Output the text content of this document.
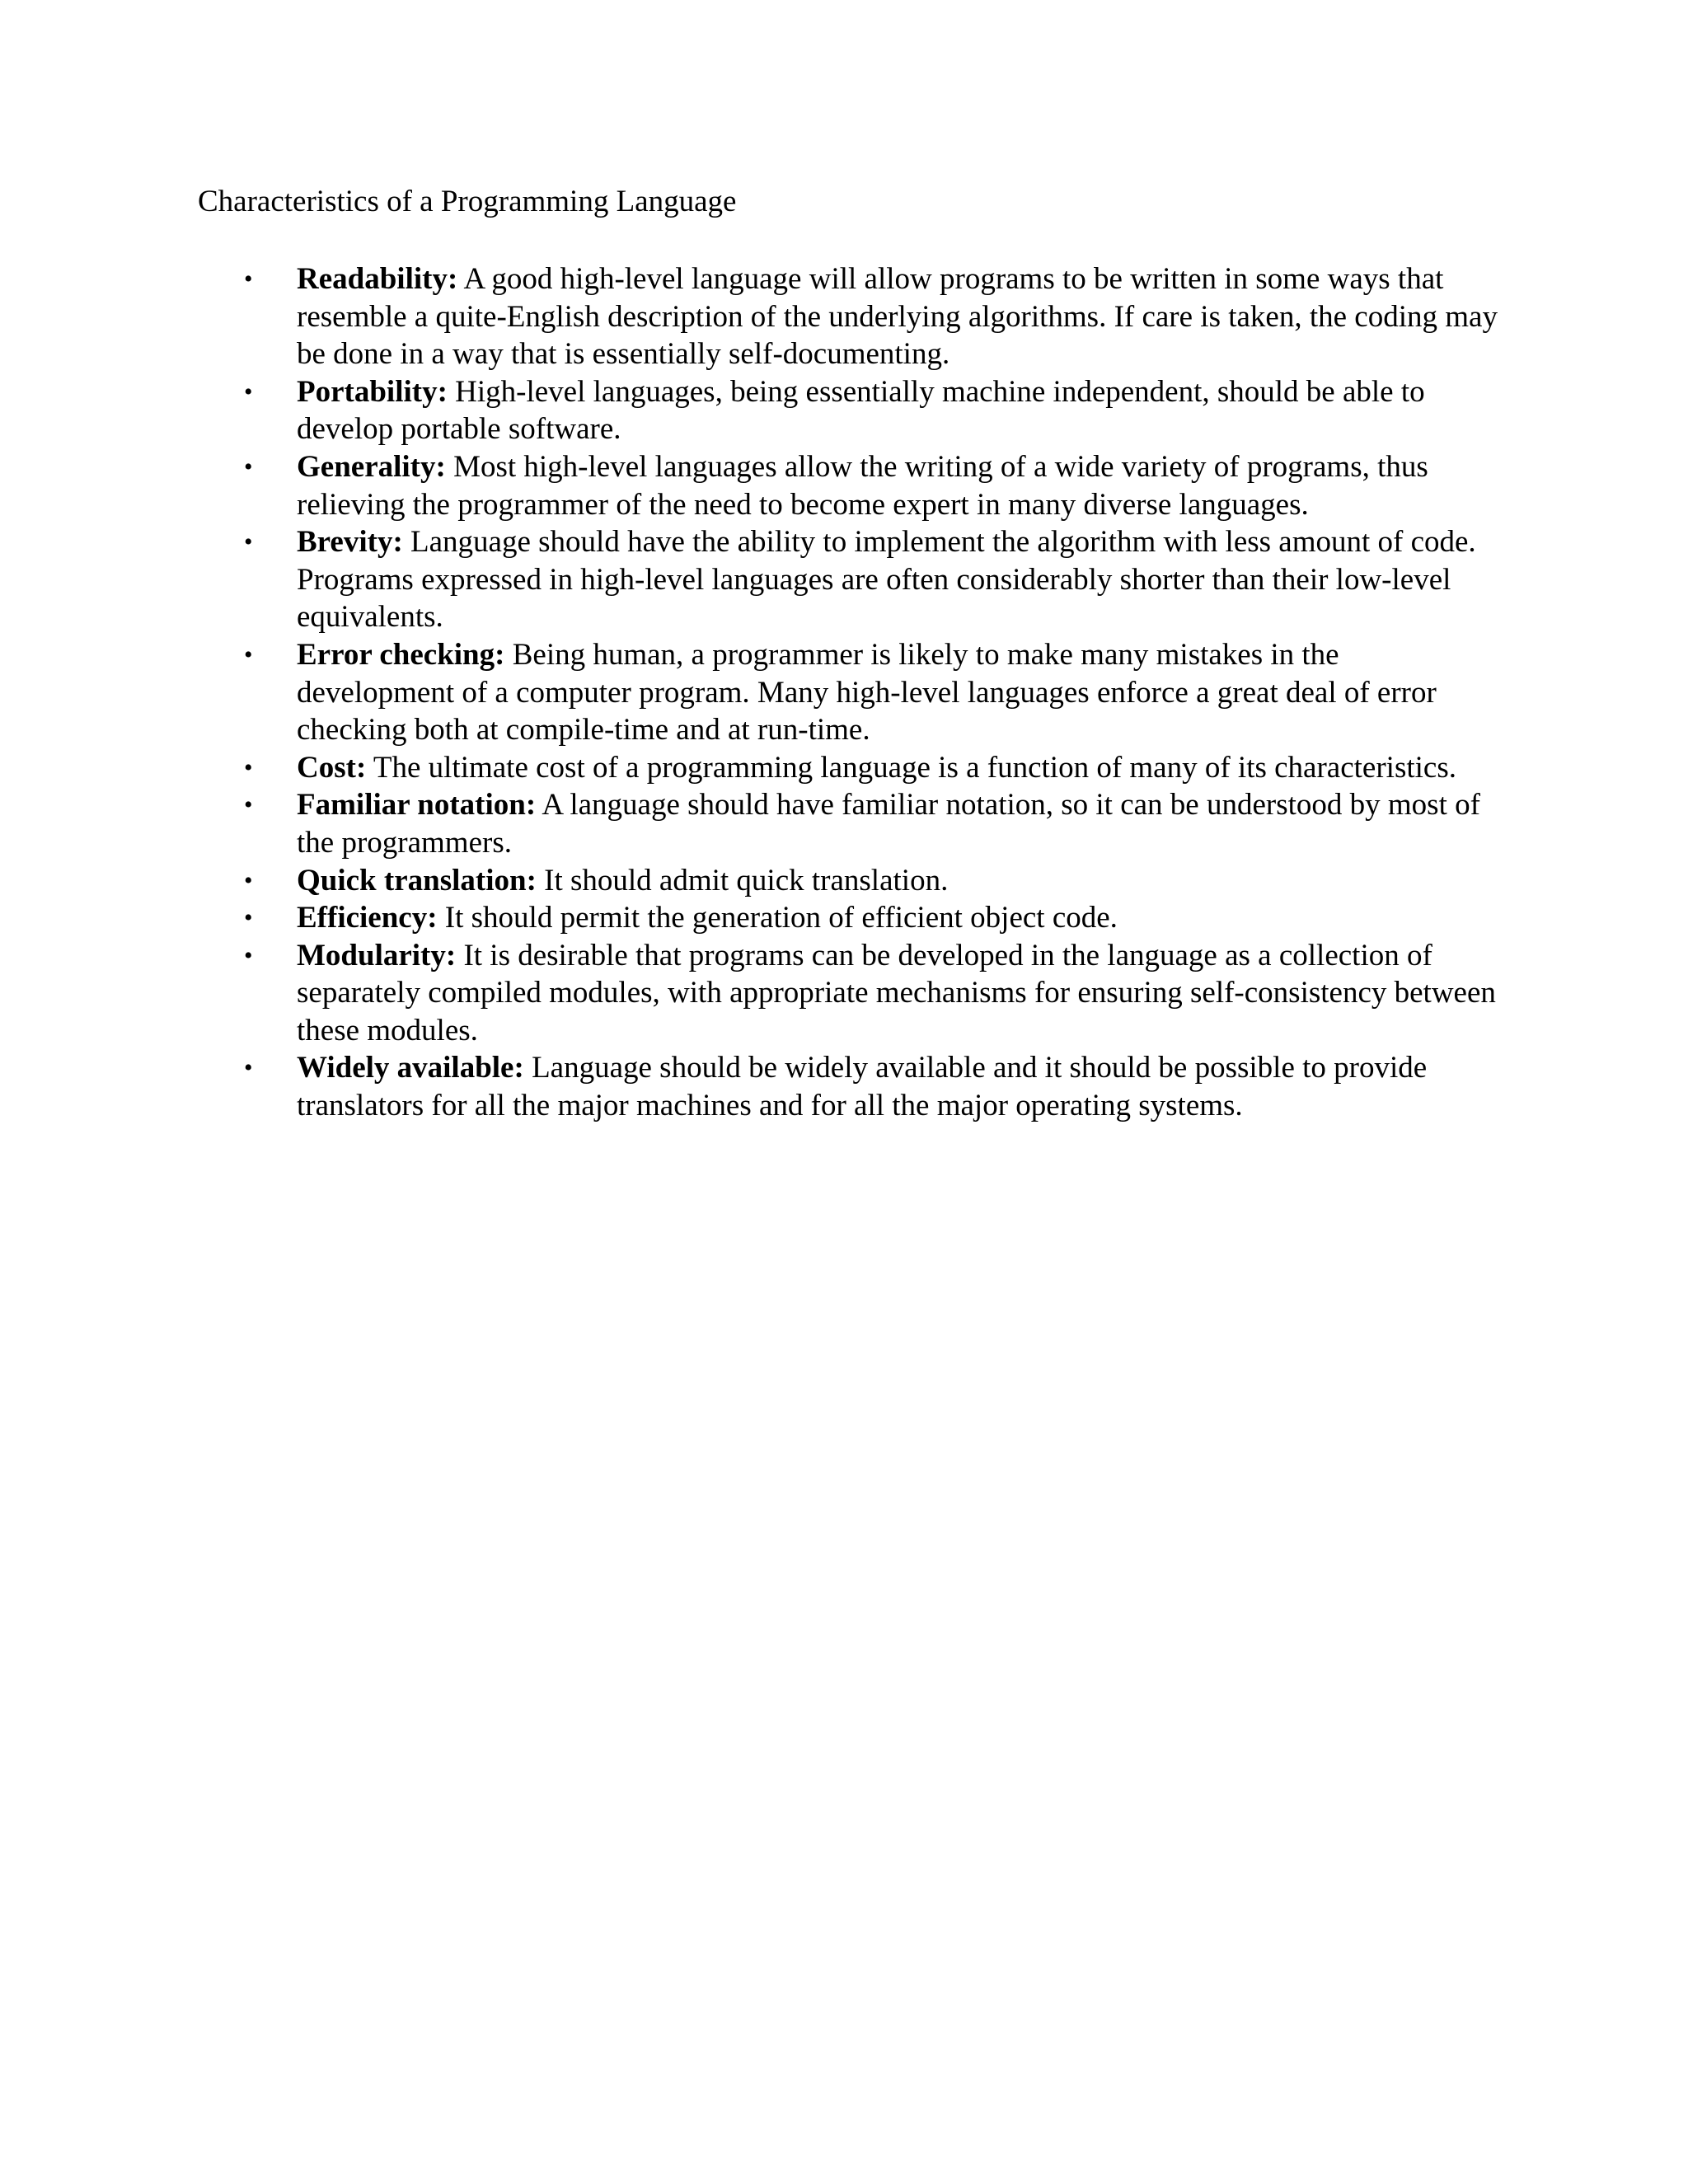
Characteristics of a Programming Language
• Readability: A good high-level language will allow programs to be written in some ways that resemble a quite-English description of the underlying algorithms. If care is taken, the coding may be done in a way that is essentially self-documenting.
• Portability: High-level languages, being essentially machine independent, should be able to develop portable software.
• Generality: Most high-level languages allow the writing of a wide variety of programs, thus relieving the programmer of the need to become expert in many diverse languages.
• Brevity: Language should have the ability to implement the algorithm with less amount of code. Programs expressed in high-level languages are often considerably shorter than their low-level equivalents.
• Error checking: Being human, a programmer is likely to make many mistakes in the development of a computer program. Many high-level languages enforce a great deal of error checking both at compile-time and at run-time.
• Cost: The ultimate cost of a programming language is a function of many of its characteristics.
• Familiar notation: A language should have familiar notation, so it can be understood by most of the programmers.
• Quick translation: It should admit quick translation.
• Efficiency: It should permit the generation of efficient object code.
• Modularity: It is desirable that programs can be developed in the language as a collection of separately compiled modules, with appropriate mechanisms for ensuring self-consistency between these modules.
• Widely available: Language should be widely available and it should be possible to provide translators for all the major machines and for all the major operating systems.
